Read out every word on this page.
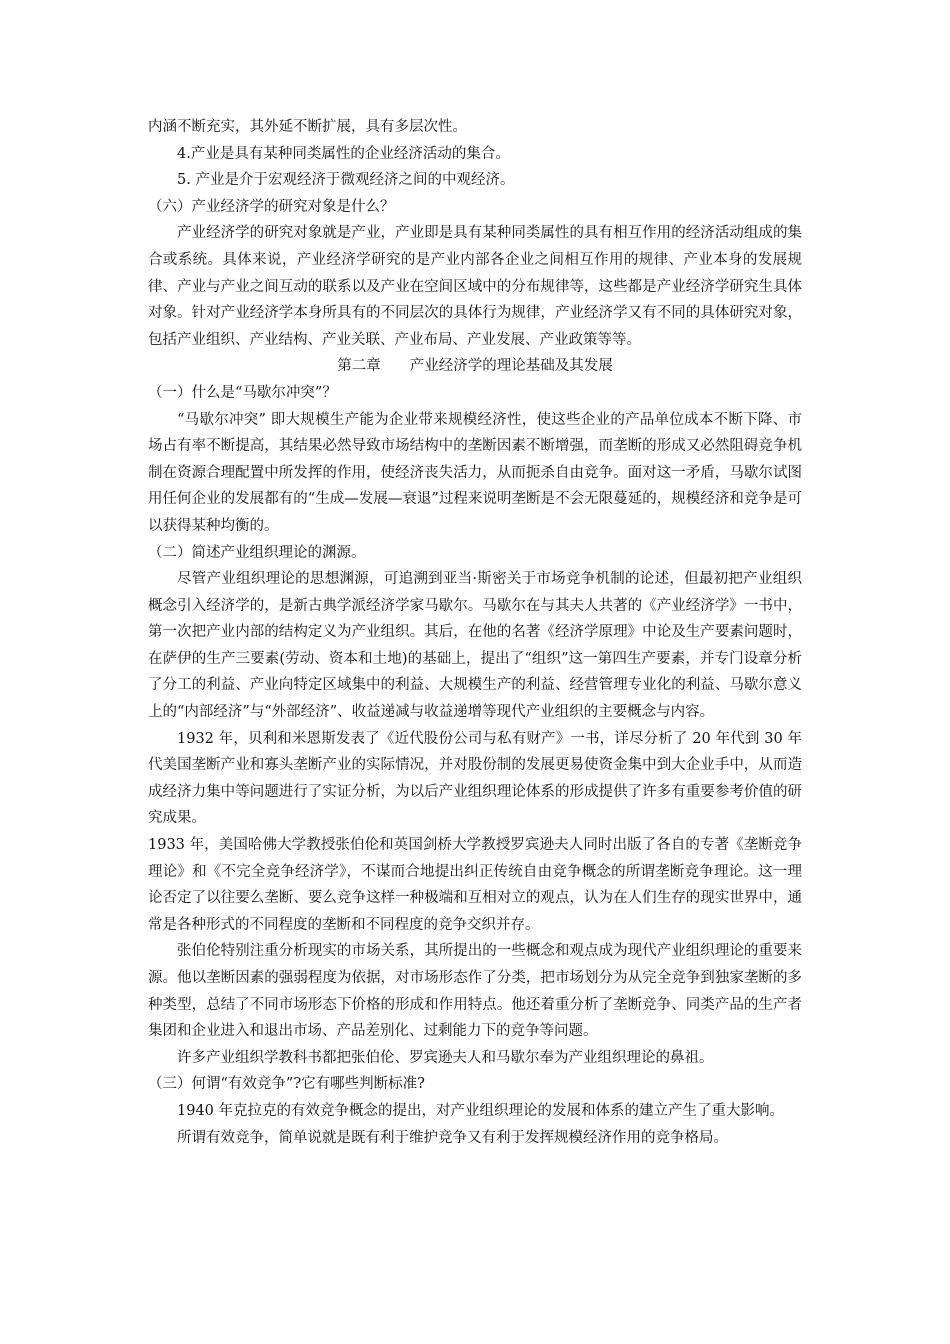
内涵不断充实，其外延不断扩展，具有多层次性。

4.产业是具有某种同类属性的企业经济活动的集合。

5. 产业是介于宏观经济于微观经济之间的中观经济。

（六）产业经济学的研究对象是什么？

产业经济学的研究对象就是产业，产业即是具有某种同类属性的具有相互作用的经济活动组成的集合或系统。具体来说，产业经济学研究的是产业内部各企业之间相互作用的规律、产业本身的发展规律、产业与产业之间互动的联系以及产业在空间区域中的分布规律等，这些都是产业经济学研究生具体对象。针对产业经济学本身所具有的不同层次的具体行为规律，产业经济学又有不同的具体研究对象，包括产业组织、产业结构、产业关联、产业布局、产业发展、产业政策等等。

第二章　　产业经济学的理论基础及其发展

（一）什么是“马歇尔冲突”？

“马歇尔冲突” 即大规模生产能为企业带来规模经济性，使这些企业的产品单位成本不断下降、市场占有率不断提高，其结果必然导致市场结构中的垄断因素不断增强，而垄断的形成又必然阻碍竞争机制在资源合理配置中所发挥的作用，使经济丧失活力，从而扼杀自由竞争。面对这一矛盾，马歇尔试图用任何企业的发展都有的“生成—发展—衰退”过程来说明垄断是不会无限蔓延的，规模经济和竞争是可以获得某种均衡的。

（二）简述产业组织理论的渊源。

尽管产业组织理论的思想渊源，可追溯到亚当·斯密关于市场竞争机制的论述，但最初把产业组织概念引入经济学的，是新古典学派经济学家马歇尔。马歇尔在与其夫人共著的《产业经济学》一书中，第一次把产业内部的结构定义为产业组织。其后，在他的名著《经济学原理》中论及生产要素问题时，在萨伊的生产三要素(劳动、资本和土地)的基础上，提出了“组织”这一第四生产要素，并专门设章分析了分工的利益、产业向特定区域集中的利益、大规模生产的利益、经营管理专业化的利益、马歇尔意义上的“内部经济”与“外部经济”、收益递减与收益递增等现代产业组织的主要概念与内容。

1932 年，贝利和米恩斯发表了《近代股份公司与私有财产》一书，详尽分析了 20 年代到 30 年代美国垄断产业和寡头垄断产业的实际情况，并对股份制的发展更易使资金集中到大企业手中，从而造成经济力集中等问题进行了实证分析，为以后产业组织理论体系的形成提供了许多有重要参考价值的研究成果。

1933 年，美国哈佛大学教授张伯伦和英国剑桥大学教授罗宾逊夫人同时出版了各自的专著《垄断竞争理论》和《不完全竞争经济学》，不谋而合地提出纠正传统自由竞争概念的所谓垄断竞争理论。这一理论否定了以往要么垄断、要么竞争这样一种极端和互相对立的观点，认为在人们生存的现实世界中，通常是各种形式的不同程度的垄断和不同程度的竞争交织并存。

张伯伦特别注重分析现实的市场关系，其所提出的一些概念和观点成为现代产业组织理论的重要来源。他以垄断因素的强弱程度为依据，对市场形态作了分类，把市场划分为从完全竞争到独家垄断的多种类型，总结了不同市场形态下价格的形成和作用特点。他还着重分析了垄断竞争、同类产品的生产者集团和企业进入和退出市场、产品差别化、过剩能力下的竞争等问题。

许多产业组织学教科书都把张伯伦、罗宾逊夫人和马歇尔奉为产业组织理论的鼻祖。

（三）何谓“有效竞争”?它有哪些判断标准?

1940 年克拉克的有效竞争概念的提出，对产业组织理论的发展和体系的建立产生了重大影响。

所谓有效竞争，简单说就是既有利于维护竞争又有利于发挥规模经济作用的竞争格局。
